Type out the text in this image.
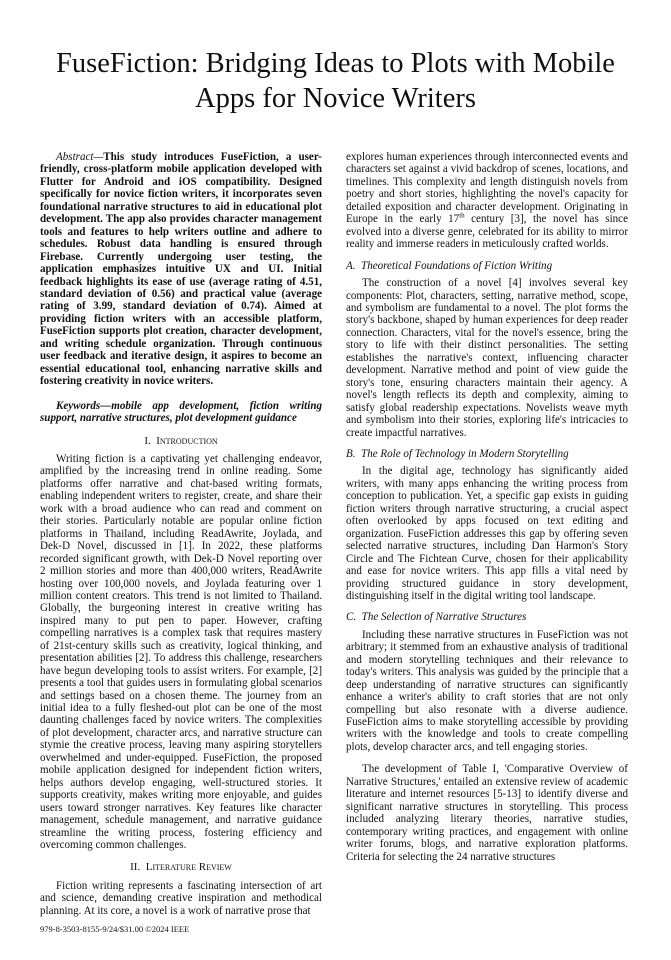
FuseFiction: Bridging Ideas to Plots with Mobile Apps for Novice Writers

Abstract—This study introduces FuseFiction, a user-friendly, cross-platform mobile application developed with Flutter for Android and iOS compatibility. Designed specifically for novice fiction writers, it incorporates seven foundational narrative structures to aid in educational plot development. The app also provides character management tools and features to help writers outline and adhere to schedules. Robust data handling is ensured through Firebase. Currently undergoing user testing, the application emphasizes intuitive UX and UI. Initial feedback highlights its ease of use (average rating of 4.51, standard deviation of 0.56) and practical value (average rating of 3.99, standard deviation of 0.74). Aimed at providing fiction writers with an accessible platform, FuseFiction supports plot creation, character development, and writing schedule organization. Through continuous user feedback and iterative design, it aspires to become an essential educational tool, enhancing narrative skills and fostering creativity in novice writers.

Keywords—mobile app development, fiction writing support, narrative structures, plot development guidance

I. Introduction

Writing fiction is a captivating yet challenging endeavor, amplified by the increasing trend in online reading. Some platforms offer narrative and chat-based writing formats, enabling independent writers to register, create, and share their work with a broad audience who can read and comment on their stories. Particularly notable are popular online fiction platforms in Thailand, including ReadAwrite, Joylada, and Dek-D Novel, discussed in [1]. In 2022, these platforms recorded significant growth, with Dek-D Novel reporting over 2 million stories and more than 400,000 writers, ReadAwrite hosting over 100,000 novels, and Joylada featuring over 1 million content creators. This trend is not limited to Thailand. Globally, the burgeoning interest in creative writing has inspired many to put pen to paper. However, crafting compelling narratives is a complex task that requires mastery of 21st-century skills such as creativity, logical thinking, and presentation abilities [2]. To address this challenge, researchers have begun developing tools to assist writers. For example, [2] presents a tool that guides users in formulating global scenarios and settings based on a chosen theme. The journey from an initial idea to a fully fleshed-out plot can be one of the most daunting challenges faced by novice writers. The complexities of plot development, character arcs, and narrative structure can stymie the creative process, leaving many aspiring storytellers overwhelmed and under-equipped. FuseFiction, the proposed mobile application designed for independent fiction writers, helps authors develop engaging, well-structured stories. It supports creativity, makes writing more enjoyable, and guides users toward stronger narratives. Key features like character management, schedule management, and narrative guidance streamline the writing process, fostering efficiency and overcoming common challenges.

II. Literature Review

Fiction writing represents a fascinating intersection of art and science, demanding creative inspiration and methodical planning. At its core, a novel is a work of narrative prose that

explores human experiences through interconnected events and characters set against a vivid backdrop of scenes, locations, and timelines. This complexity and length distinguish novels from poetry and short stories, highlighting the novel's capacity for detailed exposition and character development. Originating in Europe in the early 17th century [3], the novel has since evolved into a diverse genre, celebrated for its ability to mirror reality and immerse readers in meticulously crafted worlds.

A. Theoretical Foundations of Fiction Writing

The construction of a novel [4] involves several key components: Plot, characters, setting, narrative method, scope, and symbolism are fundamental to a novel. The plot forms the story's backbone, shaped by human experiences for deep reader connection. Characters, vital for the novel's essence, bring the story to life with their distinct personalities. The setting establishes the narrative's context, influencing character development. Narrative method and point of view guide the story's tone, ensuring characters maintain their agency. A novel's length reflects its depth and complexity, aiming to satisfy global readership expectations. Novelists weave myth and symbolism into their stories, exploring life's intricacies to create impactful narratives.

B. The Role of Technology in Modern Storytelling

In the digital age, technology has significantly aided writers, with many apps enhancing the writing process from conception to publication. Yet, a specific gap exists in guiding fiction writers through narrative structuring, a crucial aspect often overlooked by apps focused on text editing and organization. FuseFiction addresses this gap by offering seven selected narrative structures, including Dan Harmon's Story Circle and The Fichtean Curve, chosen for their applicability and ease for novice writers. This app fills a vital need by providing structured guidance in story development, distinguishing itself in the digital writing tool landscape.

C. The Selection of Narrative Structures

Including these narrative structures in FuseFiction was not arbitrary; it stemmed from an exhaustive analysis of traditional and modern storytelling techniques and their relevance to today's writers. This analysis was guided by the principle that a deep understanding of narrative structures can significantly enhance a writer's ability to craft stories that are not only compelling but also resonate with a diverse audience. FuseFiction aims to make storytelling accessible by providing writers with the knowledge and tools to create compelling plots, develop character arcs, and tell engaging stories.

The development of Table I, 'Comparative Overview of Narrative Structures,' entailed an extensive review of academic literature and internet resources [5-13] to identify diverse and significant narrative structures in storytelling. This process included analyzing literary theories, narrative studies, contemporary writing practices, and engagement with online writer forums, blogs, and narrative exploration platforms. Criteria for selecting the 24 narrative structures

979-8-3503-8155-9/24/$31.00 ©2024 IEEE
